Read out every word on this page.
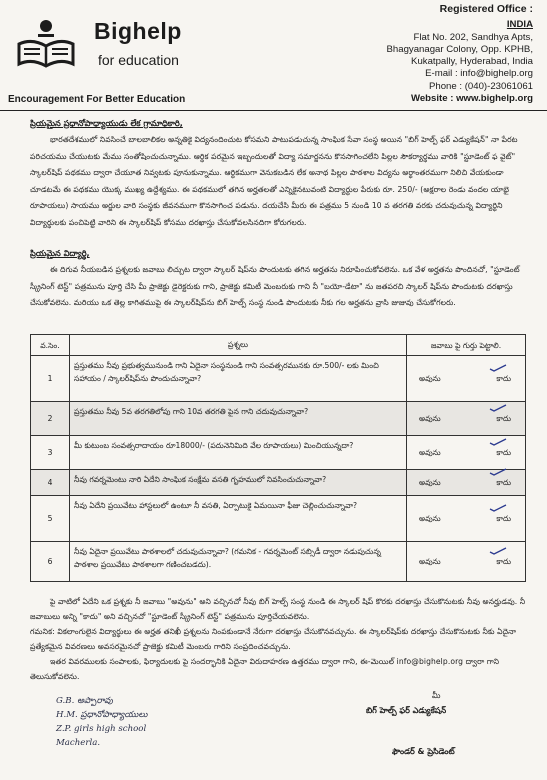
Bighelp
for education
Encouragement For Better Education
Registered Office :
INDIA
Flat No. 202, Sandhya Apts,
Bhagyanagar Colony, Opp. KPHB,
Kukatpally, Hyderabad, India
E-mail : info@bighelp.org
Phone : (040)-23061061
Website : www.bighelp.org
ప్రియమైన ప్రధానోపాధ్యాయుడు లేక గ్రామాధికారి,
భారతదేశములో నివసించే బాలబాలికల అన్నతికై విద్యనందించుట కోసమని పాటుపడుచున్న సాంఘిక సేవా సంస్థ అయిన "బిగ్ హెల్ప్ ఫర్ ఎడ్యుకేషన్" నా పేరట పరిచయము చేయుటకు మేము సంతోషించుచున్నాము. ఆర్థిక పరమైన ఇబ్బందులతో విద్యా సమార్జనను కొనసాగించలేని పిల్లల సౌకర్యార్థము వారికి "స్టూడెంట్ ఫ వైట్" స్కాలర్‌షిప్ పథకము ద్వారా చేయూత నివ్వటకు పూనుకున్నాము. ఆర్థికముగా వెనుకబడిన లేక అనాథ పిల్లల పాఠశాల విద్యను అర్థాంతరముగా నిలిచి వేయకుండా చూడటమే ఈ పథకము యొక్క ముఖ్య ఉద్దేశ్యము. ఈ పథకములో తగిన అర్హతలతో ఎన్నికైనటువంటి విద్యార్థుల పేరుకు రూ. 250/- (అక్షరాల రెండు వందల యాభై రూపాయలు) సాయము అర్జుల వారి సంస్థకు జీవనముగా కొనసాగించ పడును. దయచేసి మీరు ఈ పత్రము 5 నుండి 10 వ తరగతి వరకు చదువుచున్న విద్యార్థిని విద్యార్థులకు పంచిపెట్టి వారిని ఈ స్కాలర్‌షిప్ కోసము దరఖాస్తు చేసుకోవలసినదిగా కోరుగలరు.
ప్రియమైన విద్యార్థి,
ఈ దిగువ నీయబడిన ప్రశ్నలకు జవాబు లిచ్చుట ద్వారా స్కాలర్ షిప్‌ను పొందుటకు తగిన అర్హతను నిరూపించుకోవలెను. ఒక వేళ అర్హతను పొందినచో, "స్టూడెంట్ స్క్రీనింగ్ టెస్ట్" పత్రమును పూర్తి చేసి మీ ప్రాజెక్టు డైరెక్టరుకు గాని, ప్రాజెక్టు కమిటీ మెంబరుకు గాని నీ "బయో-డేటా" ను జతపరచి స్కాలర్ షిప్‌ను పొందుటకు దరఖాస్తు చేసుకోవలెను. మరియు ఒక తెల్ల కాగితముపై ఈ స్కాలర్‌షిప్‌ను బిగ్ హెల్ప్ సంస్థ నుండి పొందుటకు నీకు గల అర్హతను వ్రాసి జుజువు చేసుకోగలరు.
వ.సెం.	ప్రశ్నలు	జవాబు పై గుర్తు పెట్టాలి.
1	ప్రస్తుతము నీవు ప్రభుత్వమునుండి గాని ఏదైనా సంస్థనుండి గాని సంవత్సరమునకు రూ.500/- లకు మించి సహాయం / స్కాలర్‌షిప్‌ను పొందుచున్నావా?	అవును కాదు

2	ప్రస్తుతము నీవు 5వ తరగతిలోపు గాని 10వ తరగతి పైన గాని చదువుచున్నావా?	అవును కాదు

3	మీ కుటుంబ సంవత్సరాదాయం రూ18000/- (పదునెనిమిది వేల రూపాయలు) మించియున్నదా?	అవును కాదు

4	నీవు గవర్నమెంటు నారి ఏదేని సాంఘిక సంక్షేమ వసతి గృహములో నివసించుచున్నావా?	అవును కాదు

5	నీవు ఏదేని ప్రయివేటు హాస్టలులో ఉంటూ నీ వసతి, ఏర్పాటుకై ఏమయినా ఫీజు చెల్లించుచున్నావా?	అవును కాదు

6	నీవు ఏదైనా ప్రయివేటు పాఠశాలలో చదువుచున్నావా? (గమనిక - గవర్నమెంట్ సబ్సిడీ ద్వారా నడుపుచున్న పాఠశాల ప్రయివేటు పాఠశాలగా గణించబడదు).	అవును కాదు
పై వాటిలో ఏదేని ఒక ప్రశ్నకు నీ జవాబు "అవును" అని వచ్చినచో నీవు బిగ్ హెల్ప్ సంస్థ నుండి ఈ స్కాలర్ షిప్ కొరకు దరఖాస్తు చేసుకొనుటకు నీవు అనర్హుడవు. నీ జవాబులు అన్ని "కాదు" అని వచ్చినచో "స్టూడెంట్ స్క్రీనింగ్ టెస్ట్" పత్రమును పూర్తిచేయవలెను.
గమనిక: వికలాంగులైన విద్యార్థులు ఈ అర్హత తనిఖీ ప్రశ్నలను నింపకుండానే నేరుగా దరఖాస్తు చేసుకొనవచ్చును. ఈ స్కాలర్‌షిప్‌కు దరఖాస్తు చేసుకొనుటకు నీకు ఏదైనా ప్రత్యేకమైన వివరణలు అవసరమైనచో ప్రాజెక్టు కమిటీ మెంబరు గారిని సంప్రదించవచ్చును.
ఇతర వివరములకు సంపాలకు, ఫిర్యాదులకు పై సందర్భానికి ఏదైనా విరుదాహరణ ఉత్తరము ద్వారా గాని, ఈ-మెయిల్ info@bighelp.org ద్వారా గాని తెలుసుకోవలెను.
G.B. అప్పారావు
H.M. ప్రధానోపాధ్యాయులు
Z.P. girls high school
Macherla.
మీ
బిగ్ హెల్ప్ ఫర్ ఎడ్యుకేషన్
ఫౌండర్ & ప్రెసిడెంట్
